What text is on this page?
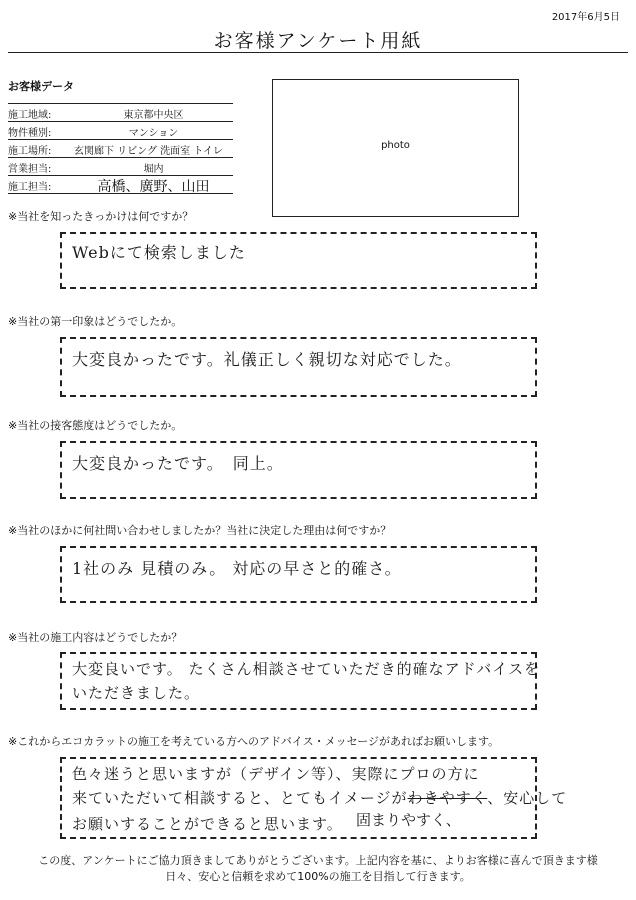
2017年6月5日
お客様アンケート用紙
お客様データ
施工地域:	東京都中央区
物件種別:	マンション
施工場所:	玄関廊下 リビング 洗面室 トイレ
営業担当:	堀内
施工担当:	高橋、廣野、山田
photo
※当社を知ったきっかけは何ですか？
Webにて検索しました
※当社の第一印象はどうでしたか。
大変良かったです。礼儀正しく親切な対応でした。
※当社の接客態度はどうでしたか。
大変良かったです。　同上。
※当社のほかに何社問い合わせしましたか？当社に決定した理由は何ですか？
1社のみ 見積のみ。 対応の早さと的確さ。
※当社の施工内容はどうでしたか？
大変良いです。 たくさん相談させていただき的確なアドバイスを
いただきました。
※これからエコカラットの施工を考えている方へのアドバイス・メッセージがあればお願いします。
色々迷うと思いますが（デザイン等）、実際にプロの方に
来ていただいて相談すると、とてもイメージがわきやすく、安心して
お願いすることができると思います。 固まりやすく、
この度、アンケートにご協力頂きましてありがとうございます。上記内容を基に、よりお客様に喜んで頂きます様
日々、安心と信頼を求めて100%の施工を目指して行きます。
